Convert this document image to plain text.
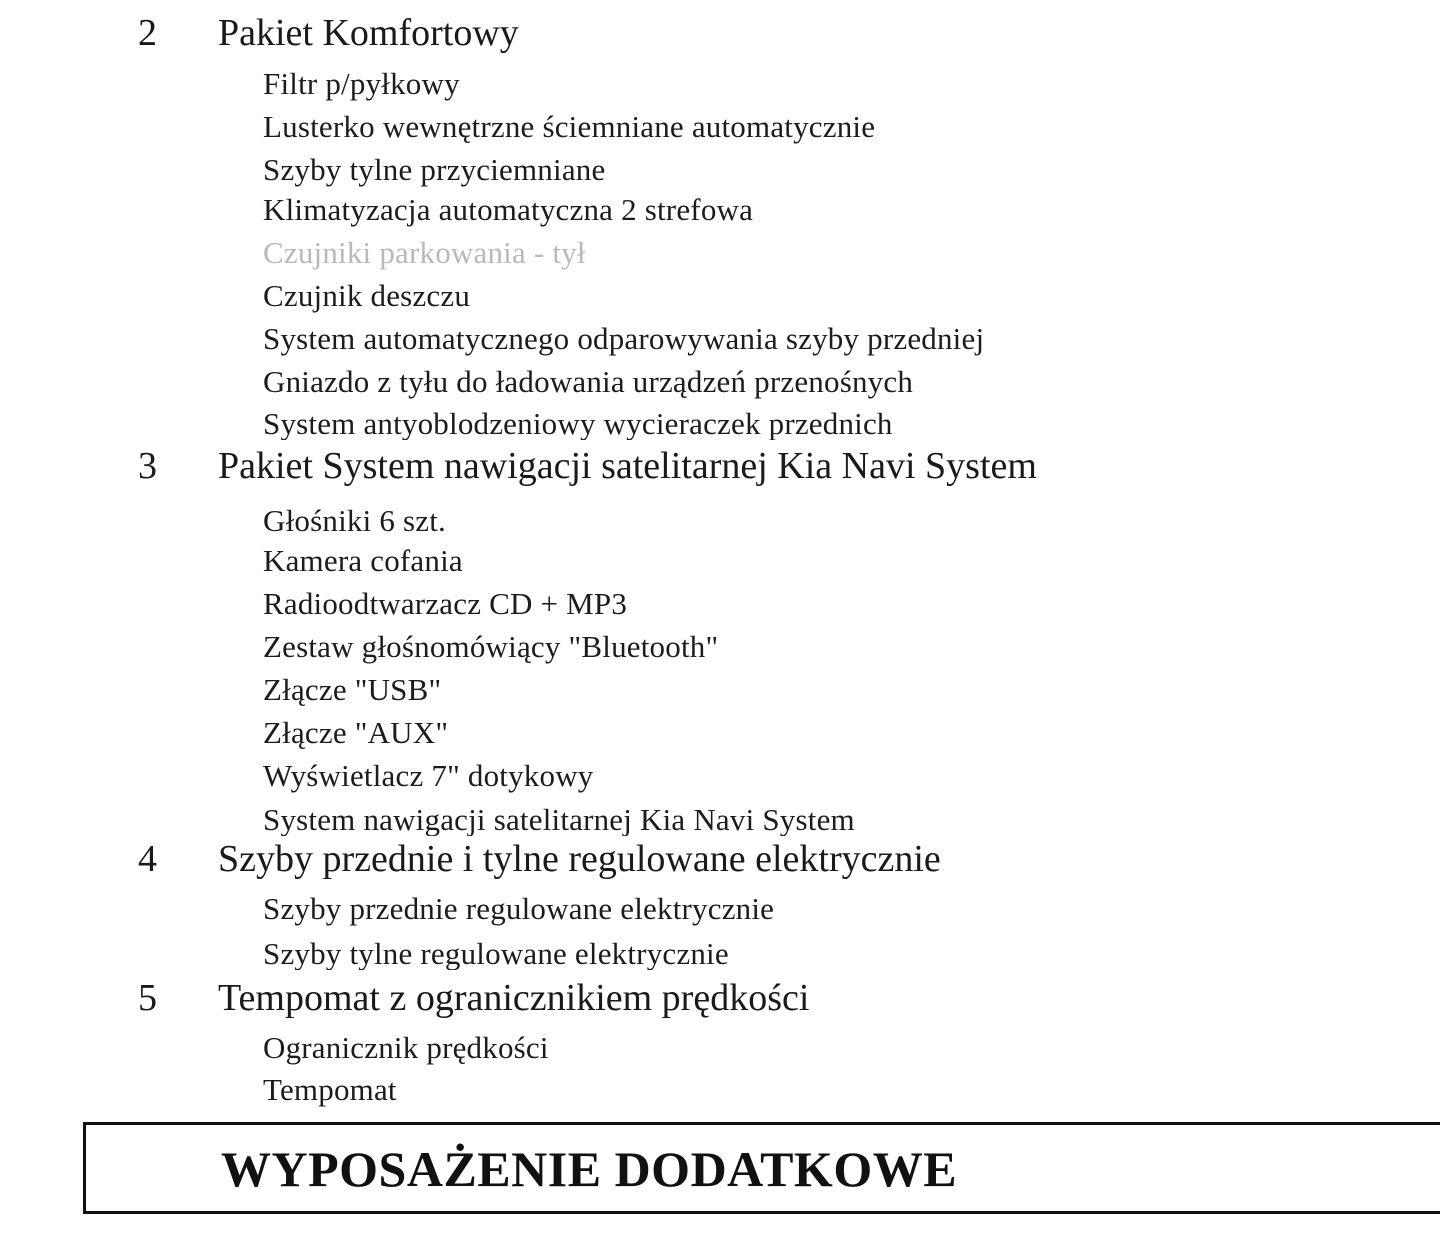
2 Pakiet Komfortowy
Filtr p/pyłkowy
Lusterko wewnętrzne ściemniane automatycznie
Szyby tylne przyciemniane
Klimatyzacja automatyczna 2 strefowa
Czujniki parkowania - tył
Czujnik deszczu
System automatycznego odparowywania szyby przedniej
Gniazdo z tyłu do ładowania urządzeń przenośnych
System antyoblodzeniowy wycieraczek przednich
3 Pakiet System nawigacji satelitarnej Kia Navi System
Głośniki 6 szt.
Kamera cofania
Radioodtwarzacz CD + MP3
Zestaw głośnomówiący "Bluetooth"
Złącze "USB"
Złącze "AUX"
Wyświetlacz 7" dotykowy
System nawigacji satelitarnej Kia Navi System
4 Szyby przednie i tylne regulowane elektrycznie
Szyby przednie regulowane elektrycznie
Szyby tylne regulowane elektrycznie
5 Tempomat z ogranicznikiem prędkości
Ogranicznik prędkości
Tempomat
WYPOSAŻENIE DODATKOWE
